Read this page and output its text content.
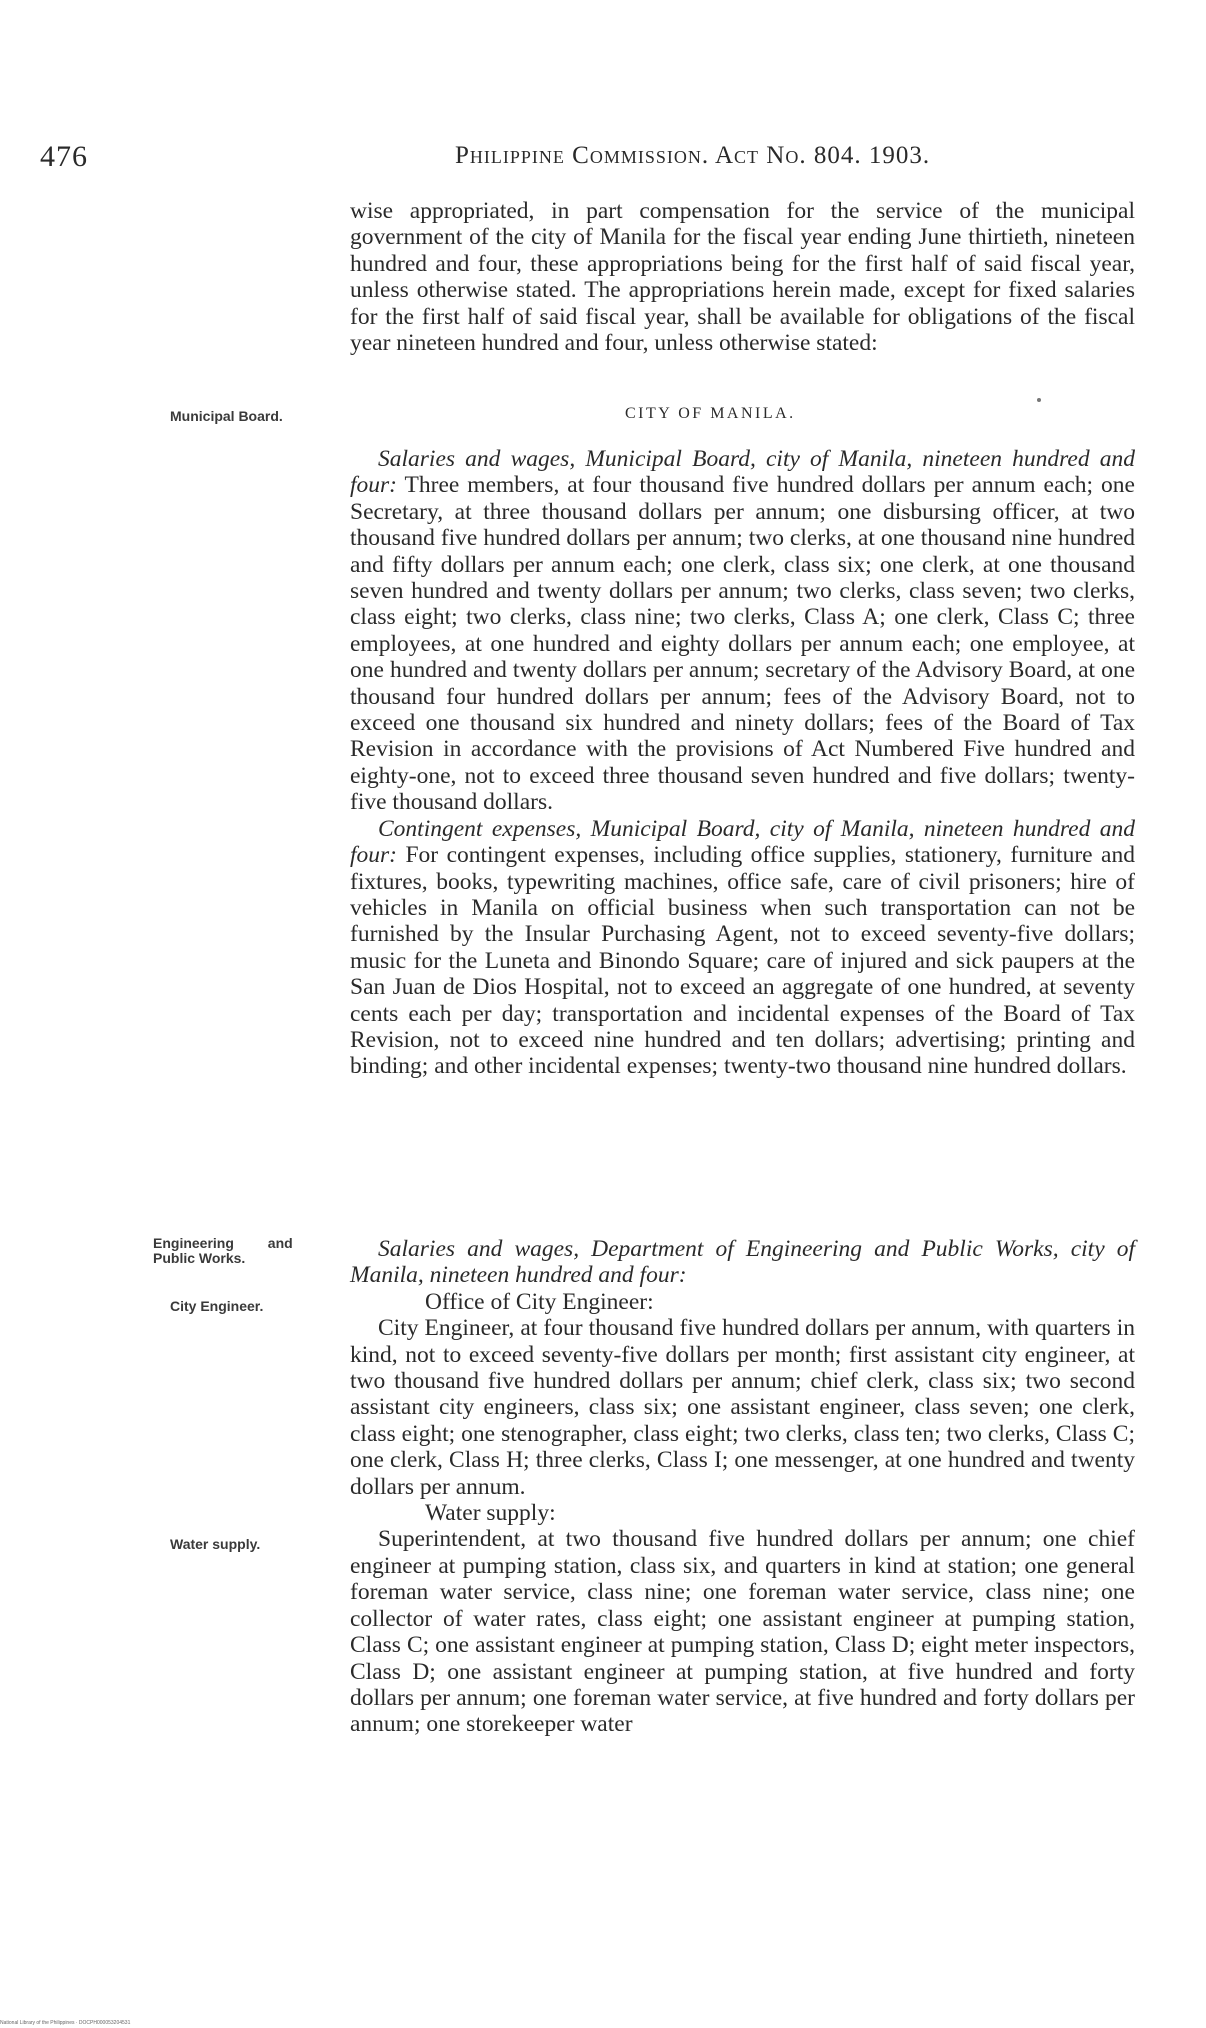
476	Philippine Commission. Act No. 804. 1903.

wise appropriated, in part compensation for the service of the municipal government of the city of Manila for the fiscal year ending June thirtieth, nineteen hundred and four, these appropriations being for the first half of said fiscal year, unless otherwise stated. The appropriations herein made, except for fixed salaries for the first half of said fiscal year, shall be available for obligations of the fiscal year nineteen hundred and four, unless otherwise stated:

Municipal Board.	CITY OF MANILA.

Salaries and wages, Municipal Board, city of Manila, nineteen hundred and four: Three members, at four thousand five hundred dollars per annum each; one Secretary, at three thousand dollars per annum; one disbursing officer, at two thousand five hundred dollars per annum; two clerks, at one thousand nine hundred and fifty dollars per annum each; one clerk, class six; one clerk, at one thousand seven hundred and twenty dollars per annum; two clerks, class seven; two clerks, class eight; two clerks, class nine; two clerks, Class A; one clerk, Class C; three employees, at one hundred and eighty dollars per annum each; one employee, at one hundred and twenty dollars per annum; secretary of the Advisory Board, at one thousand four hundred dollars per annum; fees of the Advisory Board, not to exceed one thousand six hundred and ninety dollars; fees of the Board of Tax Revision in accordance with the provisions of Act Numbered Five hundred and eighty-one, not to exceed three thousand seven hundred and five dollars; twenty-five thousand dollars.

Contingent expenses, Municipal Board, city of Manila, nineteen hundred and four: For contingent expenses, including office supplies, stationery, furniture and fixtures, books, typewriting machines, office safe, care of civil prisoners; hire of vehicles in Manila on official business when such transportation can not be furnished by the Insular Purchasing Agent, not to exceed seventy-five dollars; music for the Luneta and Binondo Square; care of injured and sick paupers at the San Juan de Dios Hospital, not to exceed an aggregate of one hundred, at seventy cents each per day; transportation and incidental expenses of the Board of Tax Revision, not to exceed nine hundred and ten dollars; advertising; printing and binding; and other incidental expenses; twenty-two thousand nine hundred dollars.

Engineering and
Public Works.
City Engineer.
Water supply.

Salaries and wages, Department of Engineering and Public Works, city of Manila, nineteen hundred and four:

Office of City Engineer:

City Engineer, at four thousand five hundred dollars per annum, with quarters in kind, not to exceed seventy-five dollars per month; first assistant city engineer, at two thousand five hundred dollars per annum; chief clerk, class six; two second assistant city engineers, class six; one assistant engineer, class seven; one clerk, class eight; one stenographer, class eight; two clerks, class ten; two clerks, Class C; one clerk, Class H; three clerks, Class I; one messenger, at one hundred and twenty dollars per annum.

Water supply:

Superintendent, at two thousand five hundred dollars per annum; one chief engineer at pumping station, class six, and quarters in kind at station; one general foreman water service, class nine; one foreman water service, class nine; one collector of water rates, class eight; one assistant engineer at pumping station, Class C; one assistant engineer at pumping station, Class D; eight meter inspectors, Class D; one assistant engineer at pumping station, at five hundred and forty dollars per annum; one foreman water service, at five hundred and forty dollars per annum; one storekeeper water

National Library of the Philippines · DOCPH000053204531
